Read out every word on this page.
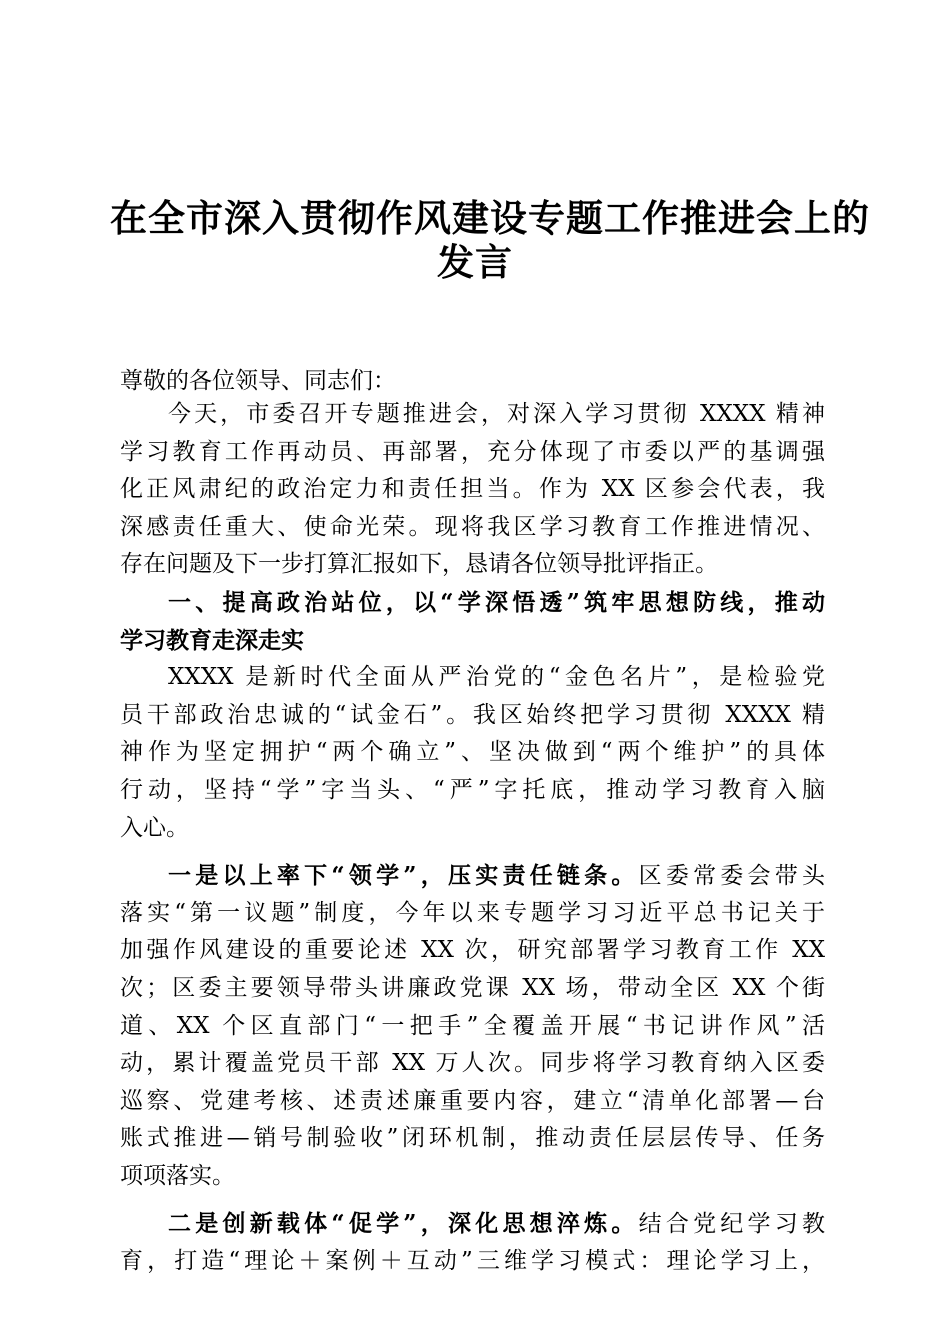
在全市深入贯彻作风建设专题工作推进会上的
发言

尊敬的各位领导、同志们：

今天，市委召开专题推进会，对深入学习贯彻 XXXX 精神
学习教育工作再动员、再部署，充分体现了市委以严的基调强
化正风肃纪的政治定力和责任担当。作为 XX 区参会代表，我
深感责任重大、使命光荣。现将我区学习教育工作推进情况、
存在问题及下一步打算汇报如下，恳请各位领导批评指正。
一、提高政治站位，以“学深悟透”筑牢思想防线，推动
学习教育走深走实
XXXX 是新时代全面从严治党的“金色名片”，是检验党
员干部政治忠诚的“试金石”。我区始终把学习贯彻 XXXX 精
神作为坚定拥护“两个确立”、坚决做到“两个维护”的具体
行动，坚持“学”字当头、“严”字托底，推动学习教育入脑
入心。
一是以上率下“领学”，压实责任链条。区委常委会带头
落实“第一议题”制度，今年以来专题学习习近平总书记关于
加强作风建设的重要论述 XX 次，研究部署学习教育工作 XX
次；区委主要领导带头讲廉政党课 XX 场，带动全区 XX 个街
道、XX 个区直部门“一把手”全覆盖开展“书记讲作风”活
动，累计覆盖党员干部 XX 万人次。同步将学习教育纳入区委
巡察、党建考核、述责述廉重要内容，建立“清单化部署—台
账式推进—销号制验收”闭环机制，推动责任层层传导、任务
项项落实。
二是创新载体“促学”，深化思想淬炼。结合党纪学习教
育，打造“理论＋案例＋互动”三维学习模式：理论学习上，
